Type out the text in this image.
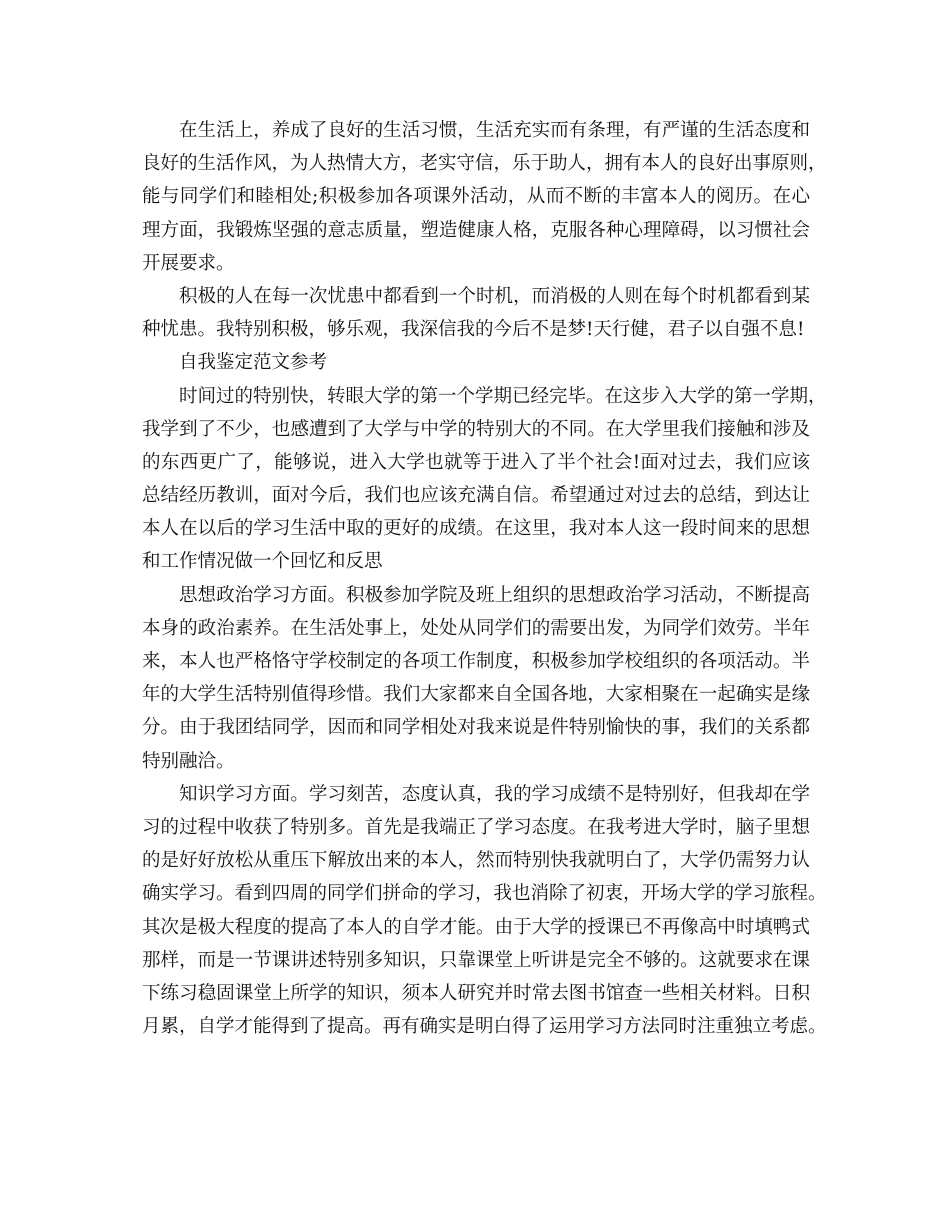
在生活上，养成了良好的生活习惯，生活充实而有条理，有严谨的生活态度和
良好的生活作风，为人热情大方，老实守信，乐于助人，拥有本人的良好出事原则，
能与同学们和睦相处;积极参加各项课外活动，从而不断的丰富本人的阅历。在心
理方面，我锻炼坚强的意志质量，塑造健康人格，克服各种心理障碍，以习惯社会
开展要求。
积极的人在每一次忧患中都看到一个时机，而消极的人则在每个时机都看到某
种忧患。我特别积极，够乐观，我深信我的今后不是梦!天行健，君子以自强不息!
自我鉴定范文参考
时间过的特别快，转眼大学的第一个学期已经完毕。在这步入大学的第一学期，
我学到了不少，也感遭到了大学与中学的特别大的不同。在大学里我们接触和涉及
的东西更广了，能够说，进入大学也就等于进入了半个社会!面对过去，我们应该
总结经历教训，面对今后，我们也应该充满自信。希望通过对过去的总结，到达让
本人在以后的学习生活中取的更好的成绩。在这里，我对本人这一段时间来的思想
和工作情况做一个回忆和反思
思想政治学习方面。积极参加学院及班上组织的思想政治学习活动，不断提高
本身的政治素养。在生活处事上，处处从同学们的需要出发，为同学们效劳。半年
来，本人也严格恪守学校制定的各项工作制度，积极参加学校组织的各项活动。半
年的大学生活特别值得珍惜。我们大家都来自全国各地，大家相聚在一起确实是缘
分。由于我团结同学，因而和同学相处对我来说是件特别愉快的事，我们的关系都
特别融洽。
知识学习方面。学习刻苦，态度认真，我的学习成绩不是特别好，但我却在学
习的过程中收获了特别多。首先是我端正了学习态度。在我考进大学时，脑子里想
的是好好放松从重压下解放出来的本人，然而特别快我就明白了，大学仍需努力认
确实学习。看到四周的同学们拼命的学习，我也消除了初衷，开场大学的学习旅程。
其次是极大程度的提高了本人的自学才能。由于大学的授课已不再像高中时填鸭式
那样，而是一节课讲述特别多知识，只靠课堂上听讲是完全不够的。这就要求在课
下练习稳固课堂上所学的知识，须本人研究并时常去图书馆查一些相关材料。日积
月累，自学才能得到了提高。再有确实是明白得了运用学习方法同时注重独立考虑。
